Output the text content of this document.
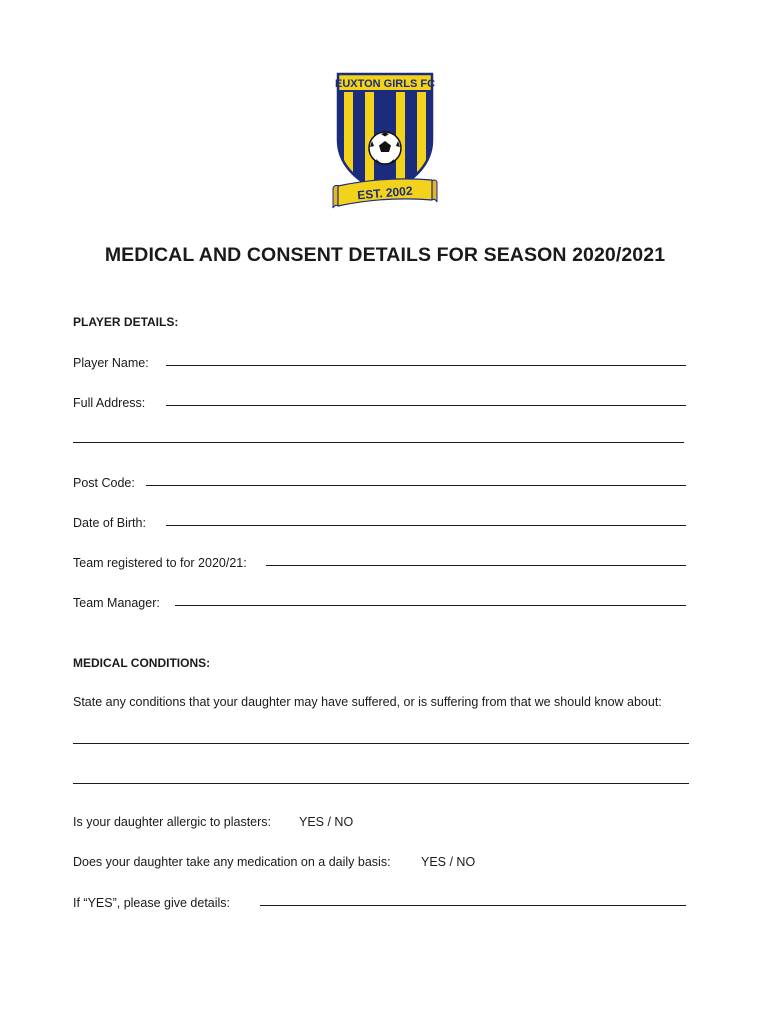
EUXTON GIRLS FC
EST. 2002
MEDICAL AND CONSENT DETAILS FOR SEASON 2020/2021
PLAYER DETAILS:
Player Name:
Full Address:
Post Code:
Date of Birth:
Team registered to for 2020/21:
Team Manager:
MEDICAL CONDITIONS:
State any conditions that your daughter may have suffered, or is suffering from that we should know about:
Is your daughter allergic to plasters: YES / NO
Does your daughter take any medication on a daily basis: YES / NO
If “YES”, please give details:
